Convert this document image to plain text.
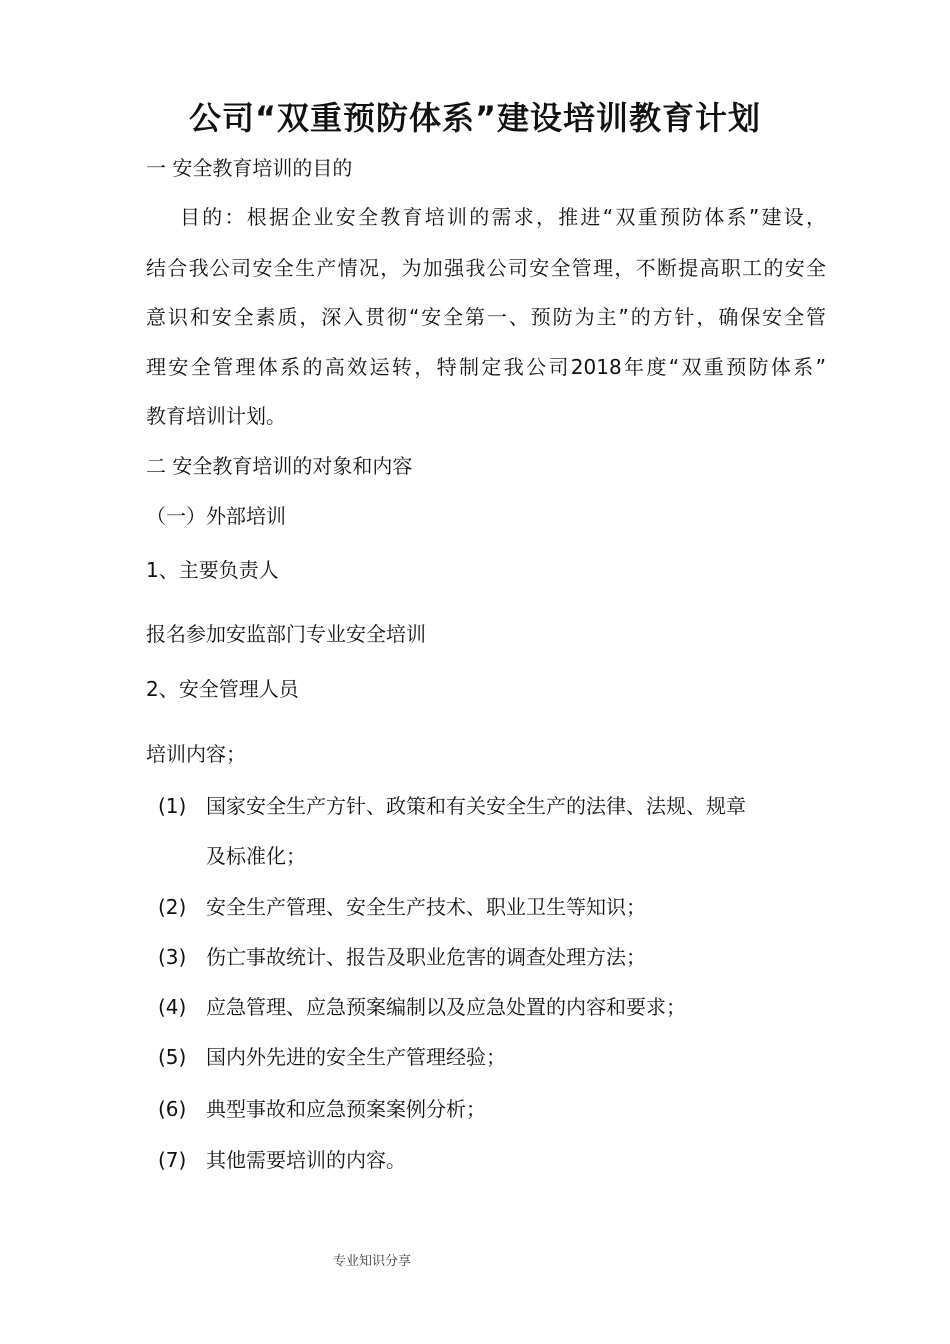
公司“双重预防体系”建设培训教育计划
一 安全教育培训的目的
目的：根据企业安全教育培训的需求，推进“双重预防体系”建设，
结合我公司安全生产情况，为加强我公司安全管理，不断提高职工的安全
意识和安全素质，深入贯彻“安全第一、预防为主”的方针，确保安全管
理安全管理体系的高效运转，特制定我公司2018年度“双重预防体系”
教育培训计划。
二 安全教育培训的对象和内容
（一）外部培训
1、主要负责人
报名参加安监部门专业安全培训
2、安全管理人员
培训内容；
(1) 国家安全生产方针、政策和有关安全生产的法律、法规、规章
及标准化；
(2) 安全生产管理、安全生产技术、职业卫生等知识；
(3) 伤亡事故统计、报告及职业危害的调查处理方法；
(4) 应急管理、应急预案编制以及应急处置的内容和要求；
(5) 国内外先进的安全生产管理经验；
(6) 典型事故和应急预案案例分析；
(7) 其他需要培训的内容。
专业知识分享
